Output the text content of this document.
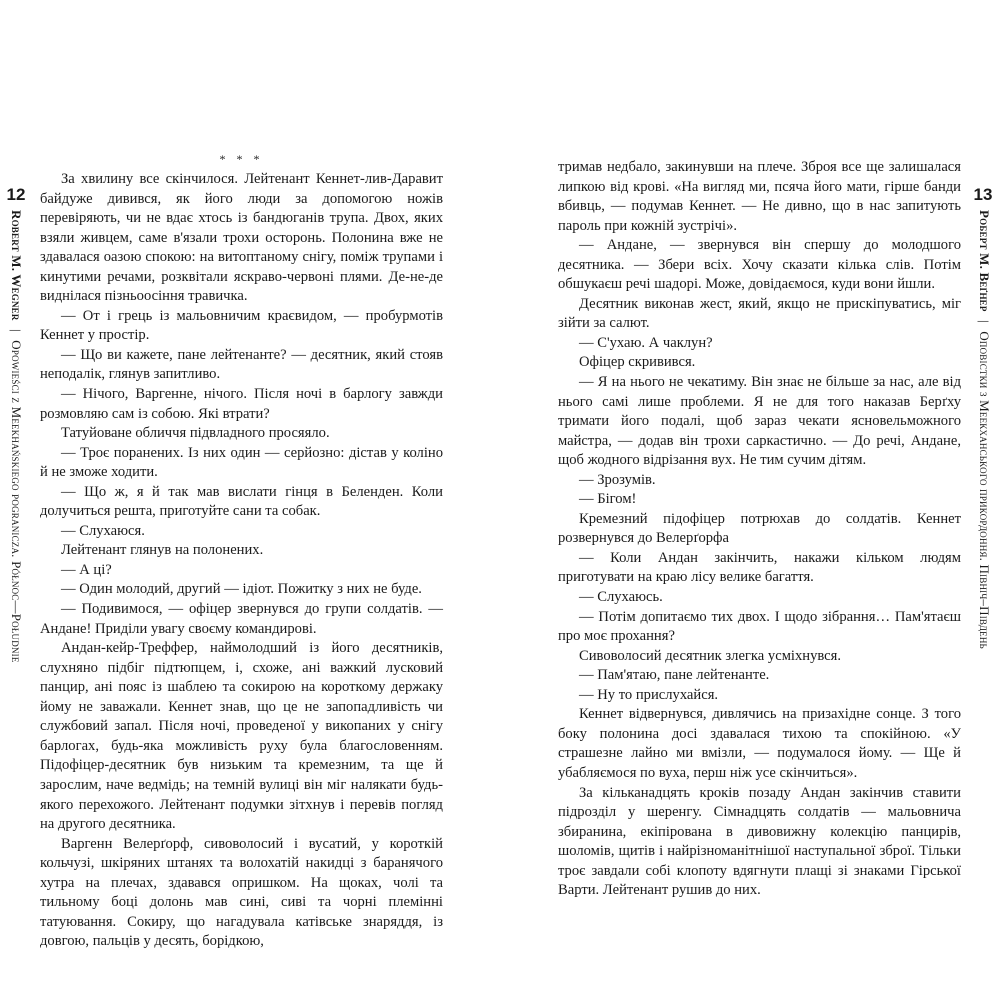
12
Robert M. Wegner | Opowieści z Meekhańskiego pogranicza. Północ—Południe
* * *

За хвилину все скінчилося. Лейтенант Кеннет-лив-Даравит байдуже дивився, як його люди за допомогою ножів перевіряють, чи не вдає хтось із бандюганів трупа. Двох, яких взяли живцем, саме в'язали трохи осторонь. Полонина вже не здавалася оазою спокою: на витоптаному снігу, поміж трупами і кинутими речами, розквітали яскраво-червоні плями. Де-не-де виднілася пізньоосіння травичка.

— От і грець із мальовничим краєвидом, — пробурмотів Кеннет у простір.

— Що ви кажете, пане лейтенанте? — десятник, який стояв неподалік, глянув запитливо.

— Нічого, Варгенне, нічого. Після ночі в барлогу завжди розмовляю сам із собою. Які втрати?

Татуйоване обличчя підвладного просяяло.

— Троє поранених. Із них один — серйозно: дістав у коліно й не зможе ходити.

— Що ж, я й так мав вислати гінця в Беленден. Коли долучиться решта, приготуйте сани та собак.

— Слухаюся.

Лейтенант глянув на полонених.

— А ці?

— Один молодий, другий — ідіот. Пожитку з них не буде.

— Подивимося, — офіцер звернувся до групи солдатів. — Андане! Приділи увагу своєму командирові.

Андан-кейр-Треффер, наймолодший із його десятників, слухняно підбіг підтюпцем, і, схоже, ані важкий лусковий панцир, ані пояс із шаблею та сокирою на короткому держаку йому не заважали. Кеннет знав, що це не запопадливість чи службовий запал. Після ночі, проведеної у викопаних у снігу барлогах, будь-яка можливість руху була благословенням. Підофіцер-десятник був низьким та кремезним, та ще й зарослим, наче ведмідь; на темній вулиці він міг налякати будь-якого перехожого. Лейтенант подумки зітхнув і перевів погляд на другого десятника.

Варгенн Велерґорф, сивоволосий і вусатий, у короткій кольчузі, шкіряних штанях та волохатій накидці з баранячого хутра на плечах, здавався опришком. На щоках, чолі та тильному боці долонь мав сині, сиві та чорні племінні татуювання. Сокиру, що нагадувала катівське знаряддя, із довгою, пальців у десять, борідкою,

тримав недбало, закинувши на плече. Зброя все ще залишалася липкою від крові. «На вигляд ми, псяча його мати, гірше банди вбивць, — подумав Кеннет. — Не дивно, що в нас запитують пароль при кожній зустрічі».

— Андане, — звернувся він спершу до молодшого десятника. — Збери всіх. Хочу сказати кілька слів. Потім обшукаєш речі шадорі. Може, довідаємося, куди вони йшли.

Десятник виконав жест, який, якщо не прискіпуватись, міг зійти за салют.

— С'ухаю. А чаклун?

Офіцер скривився.

— Я на нього не чекатиму. Він знає не більше за нас, але від нього самі лише проблеми. Я не для того наказав Берґху тримати його подалі, щоб зараз чекати ясновельможного майстра, — додав він трохи саркастично. — До речі, Андане, щоб жодного відрізання вух. Не тим сучим дітям.

— Зрозумів.

— Бігом!

Кремезний підофіцер потрюхав до солдатів. Кеннет розвернувся до Велерґорфа

— Коли Андан закінчить, накажи кільком людям приготувати на краю лісу велике багаття.

— Слухаюсь.

— Потім допитаємо тих двох. І щодо зібрання… Пам'ятаєш про моє прохання?

Сивоволосий десятник злегка усміхнувся.

— Пам'ятаю, пане лейтенанте.

— Ну то прислухайся.

Кеннет відвернувся, дивлячись на призахідне сонце. З того боку полонина досі здавалася тихою та спокійною. «У страшезне лайно ми вмізли, — подумалося йому. — Ще й убабляємося по вуха, перш ніж усе скінчиться».

За кільканадцять кроків позаду Андан закінчив ставити підрозділ у шеренгу. Сімнадцять солдатів — мальовнича збиранина, екіпірована в дивовижну колекцію панцирів, шоломів, щитів і найрізноманітнішої наступальної зброї. Тільки троє завдали собі клопоту вдягнути плащі зі знаками Гірської Варти. Лейтенант рушив до них.

13
Роберт М. Веґнер | Оповістки з Меекханського прикордоння. Північ–Південь
